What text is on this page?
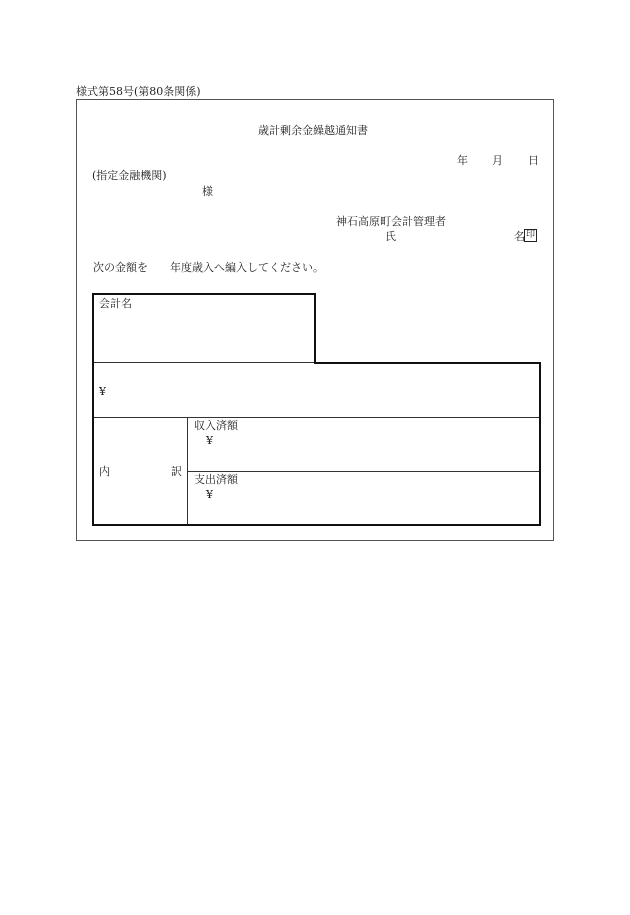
様式第58号(第80条関係)
歳計剰余金繰越通知書
年 月 日
(指定金融機関)
様
神石高原町会計管理者
氏	名 印
次の金額を　　年度歳入へ編入してください。
会計名
¥
内	訳
収入済額
¥
支出済額
¥
